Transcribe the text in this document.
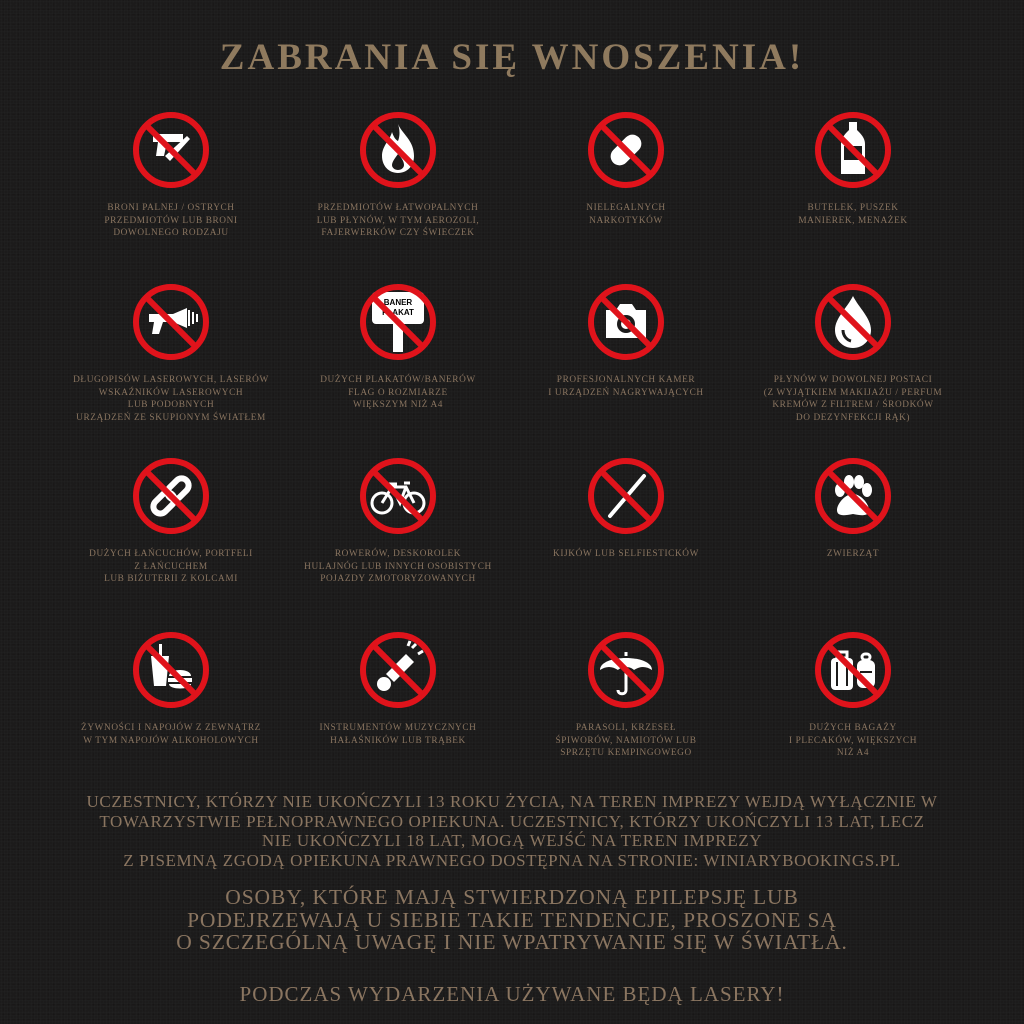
ZABRANIA SIĘ WNOSZENIA!
BRONI PALNEJ / OSTRYCH
PRZEDMIOTÓW LUB BRONI
DOWOLNEGO RODZAJU
PRZEDMIOTÓW ŁATWOPALNYCH
LUB PŁYNÓW, W TYM AEROZOLI,
FAJERWERKÓW CZY ŚWIECZEK
NIELEGALNYCH
NARKOTYKÓW
BUTELEK, PUSZEK
MANIEREK, MENAŻEK
DŁUGOPISÓW LASEROWYCH, LASERÓW
WSKAŹNIKÓW LASEROWYCH
LUB PODOBNYCH
URZĄDZEŃ ZE SKUPIONYM ŚWIATŁEM
BANER
PLAKAT
DUŻYCH PLAKATÓW/BANERÓW
FLAG O ROZMIARZE
WIĘKSZYM NIŻ A4
PROFESJONALNYCH KAMER
I URZĄDZEŃ NAGRYWAJĄCYCH
PŁYNÓW W DOWOLNEJ POSTACI
(Z WYJĄTKIEM MAKIJAŻU / PERFUM
KREMÓW Z FILTREM / ŚRODKÓW
DO DEZYNFEKCJI RĄK)
DUŻYCH ŁAŃCUCHÓW, PORTFELI
Z ŁAŃCUCHEM
LUB BIŻUTERII Z KOLCAMI
ROWERÓW, DESKOROLEK
HULAJNÓG LUB INNYCH OSOBISTYCH
POJAZDY ZMOTORYZOWANYCH
KIJKÓW LUB SELFIESTICKÓW	ZWIERZĄT
ŻYWNOŚCI I NAPOJÓW Z ZEWNĄTRZ
W TYM NAPOJÓW ALKOHOLOWYCH
INSTRUMENTÓW MUZYCZNYCH
HAŁAŚNIKÓW LUB TRĄBEK
PARASOLI, KRZESEŁ
ŚPIWORÓW, NAMIOTÓW LUB
SPRZĘTU KEMPINGOWEGO
DUŻYCH BAGAŻY
I PLECAKÓW, WIĘKSZYCH
NIŻ A4
UCZESTNICY, KTÓRZY NIE UKOŃCZYLI 13 ROKU ŻYCIA, NA TEREN IMPREZY WEJDĄ WYŁĄCZNIE W
TOWARZYSTWIE PEŁNOPRAWNEGO OPIEKUNA. UCZESTNICY, KTÓRZY UKOŃCZYLI 13 LAT, LECZ
NIE UKOŃCZYLI 18 LAT, MOGĄ WEJŚĆ NA TEREN IMPREZY
Z PISEMNĄ ZGODĄ OPIEKUNA PRAWNEGO DOSTĘPNA NA STRONIE: WINIARYBOOKINGS.PL
OSOBY, KTÓRE MAJĄ STWIERDZONĄ EPILEPSJĘ LUB
PODEJRZEWAJĄ U SIEBIE TAKIE TENDENCJE, PROSZONE SĄ
O SZCZEGÓLNĄ UWAGĘ I NIE WPATRYWANIE SIĘ W ŚWIATŁA.
PODCZAS WYDARZENIA UŻYWANE BĘDĄ LASERY!
